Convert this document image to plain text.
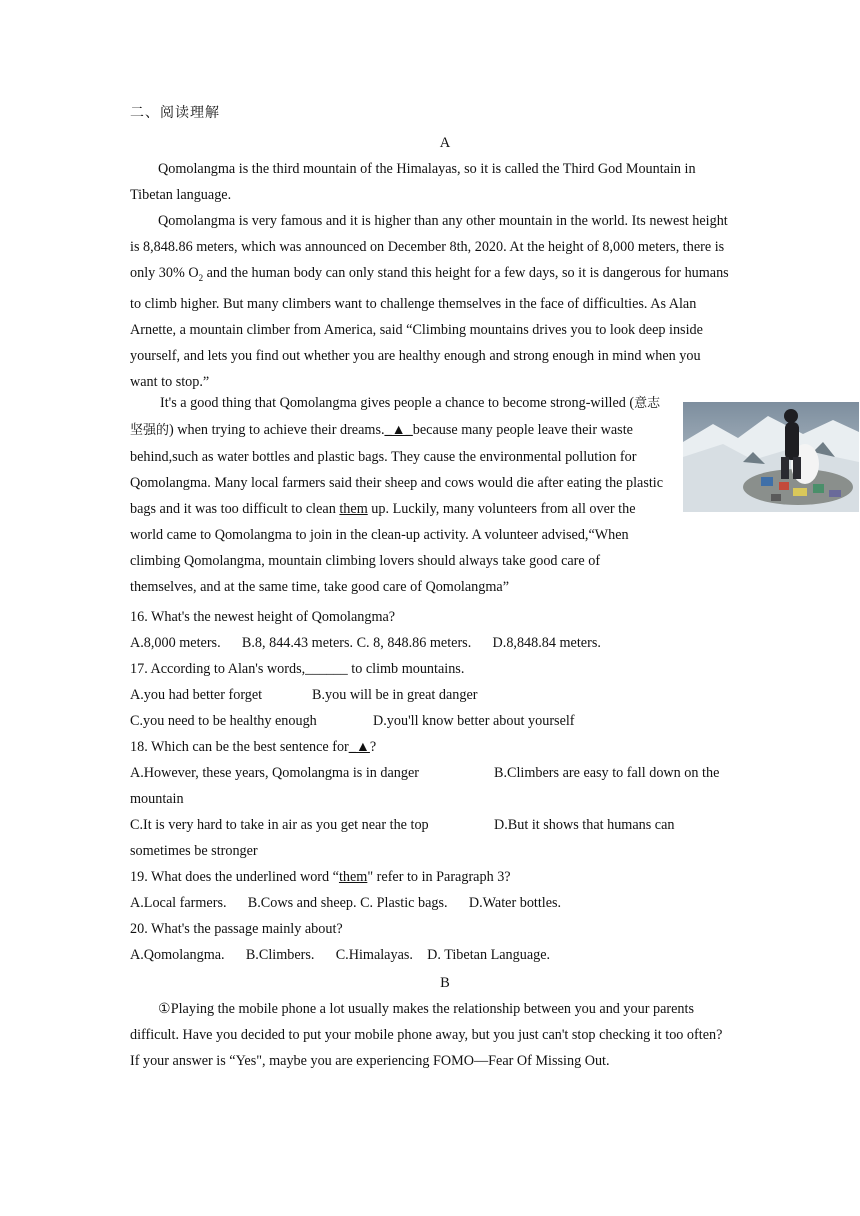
二、阅读理解
A

Qomolangma is the third mountain of the Himalayas, so it is called the Third God Mountain in Tibetan language.

Qomolangma is very famous and it is higher than any other mountain in the world. Its newest height is 8,848.86 meters, which was announced on December 8th, 2020. At the height of 8,000 meters, there is only 30% $O_2$ and the human body can only stand this height for a few days, so it is dangerous for humans to climb higher. But many climbers want to challenge themselves in the face of difficulties. As Alan Arnette, a mountain climber from America, said “Climbing mountains drives you to look deep inside yourself, and lets you find out whether you are healthy enough and strong enough in mind when you want to stop.”

It's a good thing that Qomolangma gives people a chance to become strong-willed (意志坚强的) when trying to achieve their dreams._▲_because many people leave their waste behind,such as water bottles and plastic bags. They cause the environmental pollution for Qomolangma. Many local farmers said their sheep and cows would die after eating the plastic bags and it was too difficult to clean them up. Luckily, many volunteers from all over the world came to Qomolangma to join in the clean-up activity. A volunteer advised,“When climbing Qomolangma, mountain climbing lovers should always take good care of themselves, and at the same time, take good care of Qomolangma”

16. What's the newest height of Qomolangma?

A.8,000 meters.      B.8, 844.43 meters. C. 8, 848.86 meters.      D.8,848.84 meters.

17. According to Alan's words,______ to climb mountains.

A.you had better forget	B.you will be in great danger
C.you need to be healthy enough	D.you'll know better about yourself

18. Which can be the best sentence for_▲?

A.However, these years, Qomolangma is in danger	B.Climbers are easy to fall down on the mountain

C.It is very hard to take in air as you get near the top	D.But it shows that humans can sometimes be stronger

19. What does the underlined word “them" refer to in Paragraph 3?

A.Local farmers.      B.Cows and sheep. C. Plastic bags.      D.Water bottles.

20. What's the passage mainly about?

A.Qomolangma.      B.Climbers.      C.Himalayas.    D. Tibetan Language.

B

①Playing the mobile phone a lot usually makes the relationship between you and your parents difficult. Have you decided to put your mobile phone away, but you just can't stop checking it too often? If your answer is “Yes", maybe you are experiencing FOMO—Fear Of Missing Out.
